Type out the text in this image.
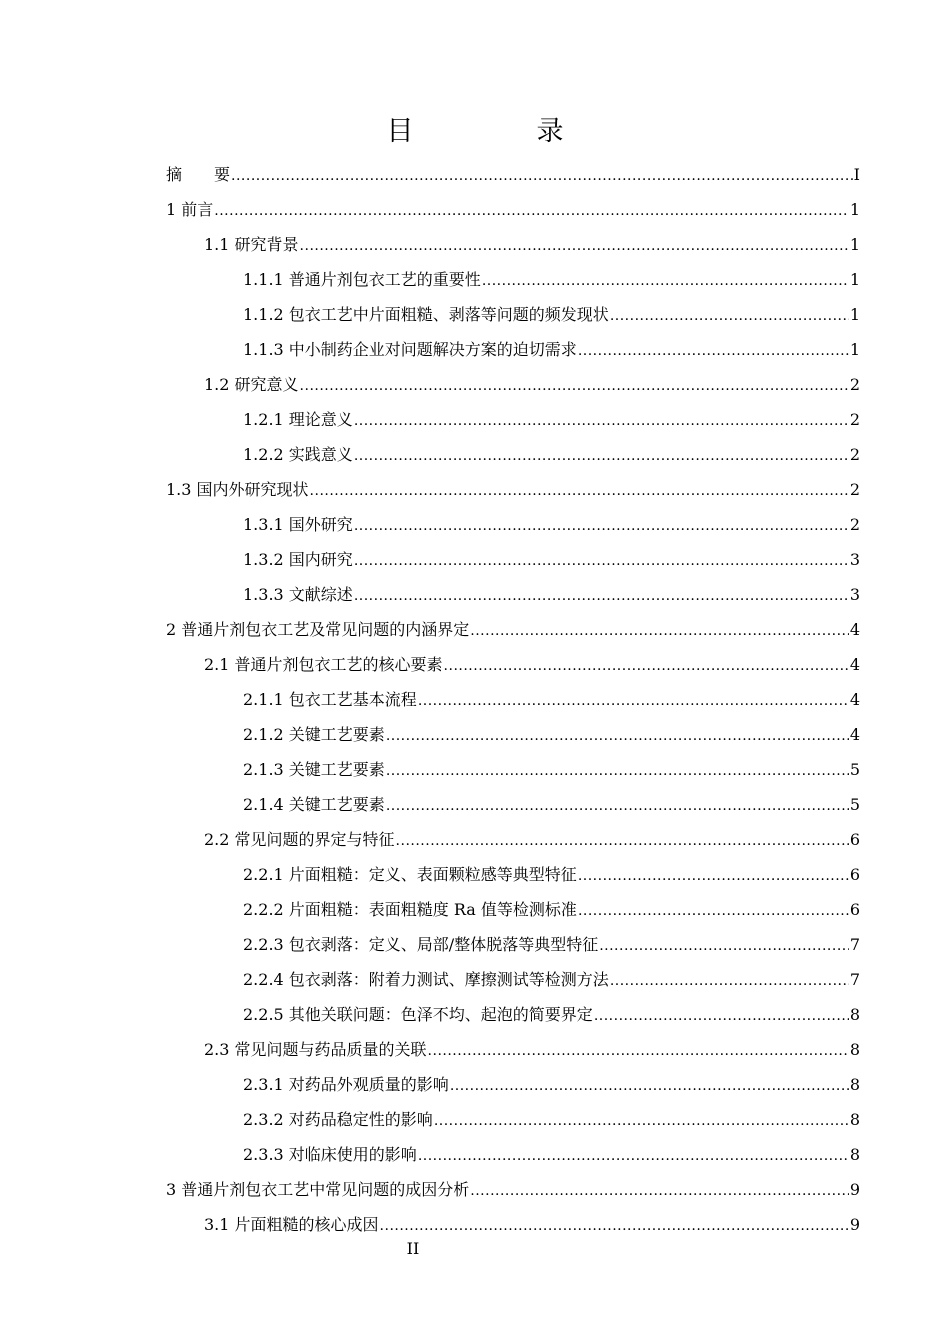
目　录
摘　　要 .....	I
1 前言 .....	1
1.1 研究背景 .....	1
1.1.1 普通片剂包衣工艺的重要性 .....	1
1.1.2 包衣工艺中片面粗糙、剥落等问题的频发现状 .....	1
1.1.3 中小制药企业对问题解决方案的迫切需求 .....	1
1.2 研究意义 .....	2
1.2.1 理论意义 .....	2
1.2.2 实践意义 .....	2
1.3 国内外研究现状 .....	2
1.3.1 国外研究 .....	2
1.3.2 国内研究 .....	3
1.3.3 文献综述 .....	3
2 普通片剂包衣工艺及常见问题的内涵界定 .....	4
2.1 普通片剂包衣工艺的核心要素 .....	4
2.1.1 包衣工艺基本流程 .....	4
2.1.2 关键工艺要素 .....	4
2.1.3 关键工艺要素 .....	5
2.1.4 关键工艺要素 .....	5
2.2 常见问题的界定与特征 .....	6
2.2.1 片面粗糙：定义、表面颗粒感等典型特征 .....	6
2.2.2 片面粗糙：表面粗糙度 Ra 值等检测标准 .....	6
2.2.3 包衣剥落：定义、局部/整体脱落等典型特征 .....	7
2.2.4 包衣剥落：附着力测试、摩擦测试等检测方法 .....	7
2.2.5 其他关联问题：色泽不均、起泡的简要界定 .....	8
2.3 常见问题与药品质量的关联 .....	8
2.3.1 对药品外观质量的影响 .....	8
2.3.2 对药品稳定性的影响 .....	8
2.3.3 对临床使用的影响 .....	8
3 普通片剂包衣工艺中常见问题的成因分析 .....	9
3.1 片面粗糙的核心成因 .....	9
II
